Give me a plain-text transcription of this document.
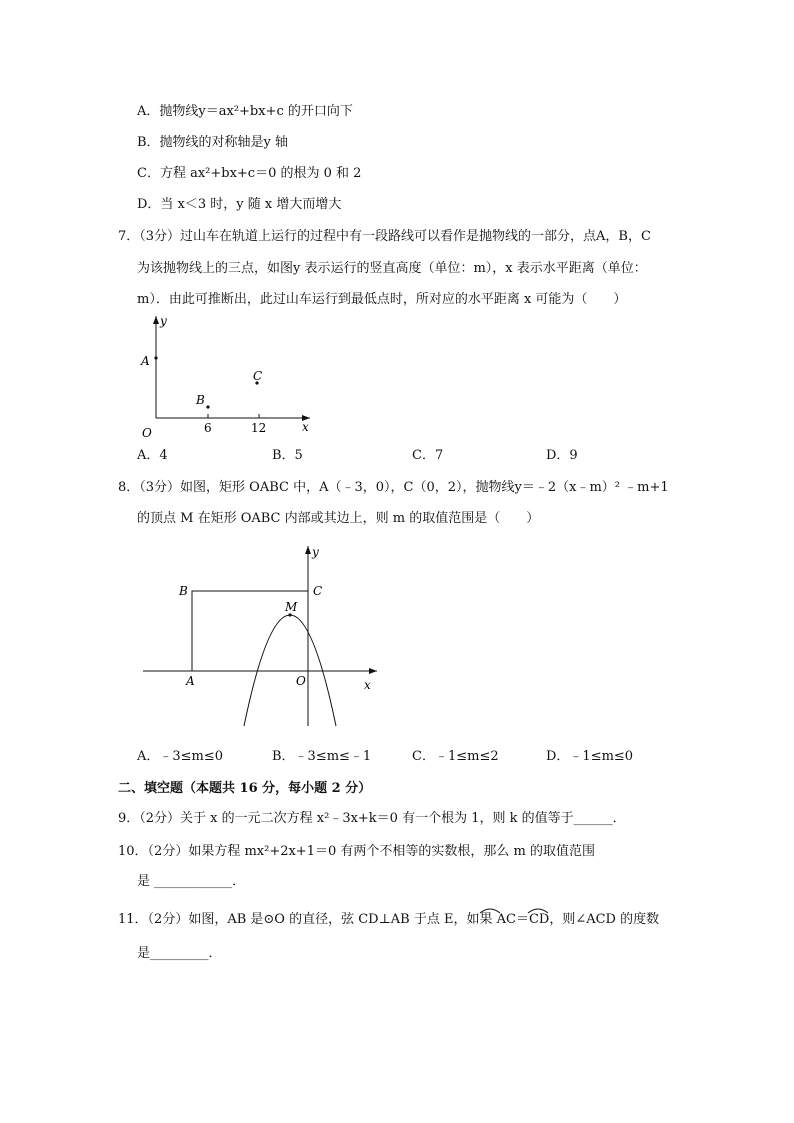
A．抛物线y＝ax²+bx+c 的开口向下
B．抛物线的对称轴是y 轴
C．方程 ax²+bx+c＝0 的根为 0 和 2
D．当 x＜3 时，y 随 x 增大而增大
7．（3分）过山车在轨道上运行的过程中有一段路线可以看作是抛物线的一部分，点A，B，C
为该抛物线上的三点，如图y 表示运行的竖直高度（单位：m），x 表示水平距离（单位：
m）．由此可推断出，此过山车运行到最低点时，所对应的水平距离 x 可能为（　　）
y
x
O
A
B
C
6	12
A．4	B．5	C．7	D．9
8．（3分）如图，矩形 OABC 中，A（﹣3，0），C（0，2），抛物线y＝﹣2（x﹣m）² ﹣m+1
的顶点 M 在矩形 OABC 内部或其边上，则 m 的取值范围是（　　）
y
x
O
A
B	C
M
A．﹣3≤m≤0	B．﹣3≤m≤﹣1	C．﹣1≤m≤2	D．﹣1≤m≤0
二、填空题（本题共 16 分，每小题 2 分）
9．（2分）关于 x 的一元二次方程 x²﹣3x+k＝0 有一个根为 1，则 k 的值等于______．
10．（2分）如果方程 mx²+2x+1＝0 有两个不相等的实数根，那么 m 的取值范围
是 ____________．
11．（2分）如图，AB 是⊙O 的直径，弦 CD⊥AB 于点 E，如果 AC＝CD，则∠ACD 的度数
是_________．
